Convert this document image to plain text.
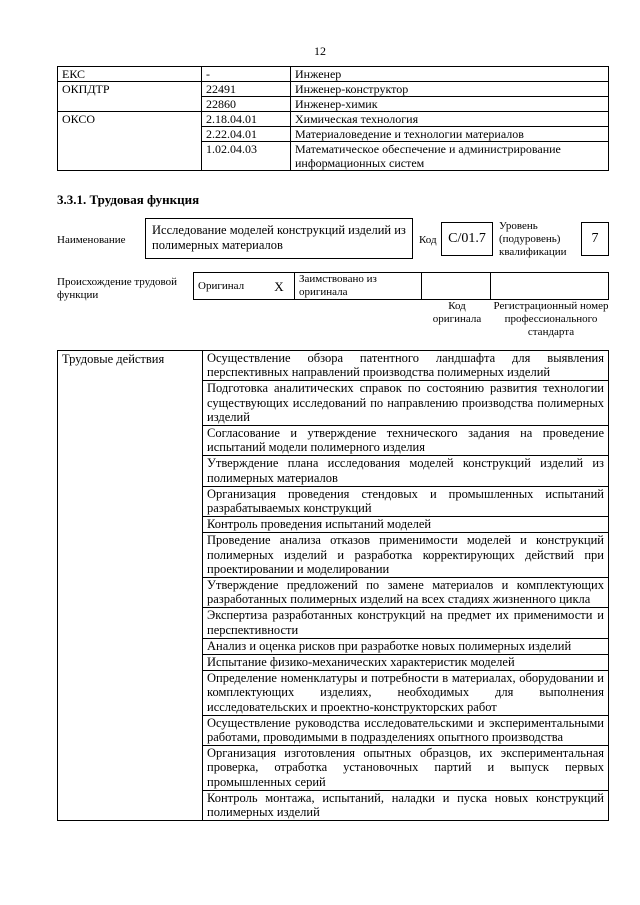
12
ЕКС	-	Инженер
ОКПДТР	22491	Инженер-конструктор
	22860	Инженер-химик
ОКСО	2.18.04.01	Химическая технология
	2.22.04.01	Материаловедение и технологии материалов
	1.02.04.03	Математическое обеспечение и администрирование информационных систем
3.3.1. Трудовая функция
Наименование
Исследование моделей конструкций изделий из полимерных материалов	Код С/01.7
Уровень (подуровень) квалификации
7
Происхождение трудовой функции
Оригинал	X	Заимствовано из оригинала		
Код оригинала
Регистрационный номер профессионального стандарта
Трудовые действия	Осуществление обзора патентного ландшафта для выявления перспективных направлений производства полимерных изделий
Подготовка аналитических справок по состоянию развития технологии существующих исследований по направлению производства полимерных изделий
Согласование и утверждение технического задания на проведение испытаний модели полимерного изделия
Утверждение плана исследования моделей конструкций изделий из полимерных материалов
Организация проведения стендовых и промышленных испытаний разрабатываемых конструкций
Контроль проведения испытаний моделей
Проведение анализа отказов применимости моделей и конструкций полимерных изделий и разработка корректирующих действий при проектировании и моделировании
Утверждение предложений по замене материалов и комплектующих разработанных полимерных изделий на всех стадиях жизненного цикла
Экспертиза разработанных конструкций на предмет их применимости и перспективности
Анализ и оценка рисков при разработке новых полимерных изделий
Испытание физико-механических характеристик моделей
Определение номенклатуры и потребности в материалах, оборудовании и комплектующих изделиях, необходимых для выполнения исследовательских и проектно-конструкторских работ
Осуществление руководства исследовательскими и экспериментальными работами, проводимыми в подразделениях опытного производства
Организация изготовления опытных образцов, их экспериментальная проверка, отработка установочных партий и выпуск первых промышленных серий
Контроль монтажа, испытаний, наладки и пуска новых конструкций полимерных изделий
